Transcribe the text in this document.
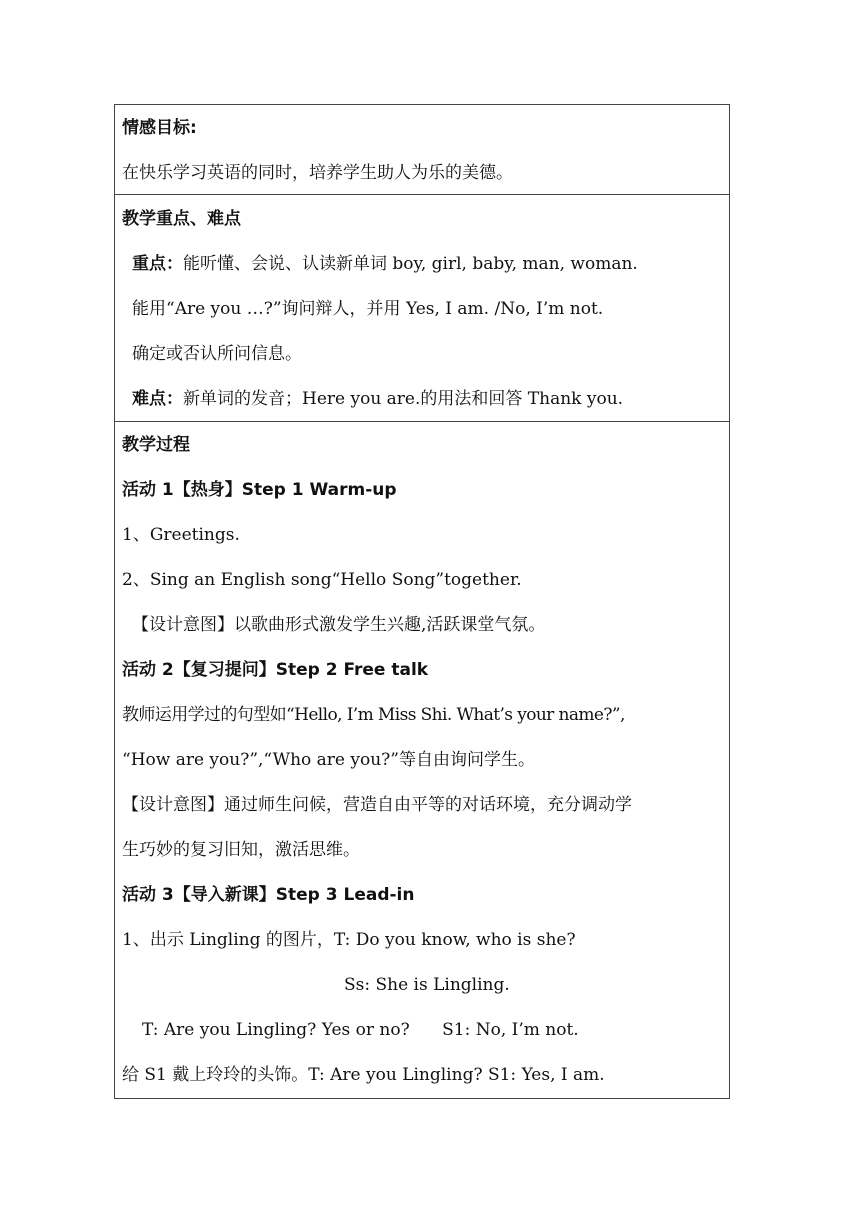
情感目标:
在快乐学习英语的同时，培养学生助人为乐的美德。
教学重点、难点
重点：能听懂、会说、认读新单词 boy, girl, baby, man, woman.
能用“Are you …?”询问辩人，并用 Yes, I am. /No, I’m not.
确定或否认所问信息。
难点：新单词的发音；Here you are.的用法和回答 Thank you.
教学过程
活动 1【热身】Step 1 Warm-up
1、Greetings.
2、Sing an English song“Hello Song”together.
【设计意图】以歌曲形式激发学生兴趣,活跃课堂气氛。
活动 2【复习提问】Step 2 Free talk
教师运用学过的句型如“Hello, I’m Miss Shi. What’s your name?”,
“How are you?”,“Who are you?”等自由询问学生。
【设计意图】通过师生问候，营造自由平等的对话环境，充分调动学
生巧妙的复习旧知，激活思维。
活动 3【导入新课】Step 3 Lead-in
1、出示 Lingling 的图片，T: Do you know, who is she?
Ss: She is Lingling.
T: Are you Lingling? Yes or no?      S1: No, I’m not.
给 S1 戴上玲玲的头饰。T: Are you Lingling? S1: Yes, I am.
